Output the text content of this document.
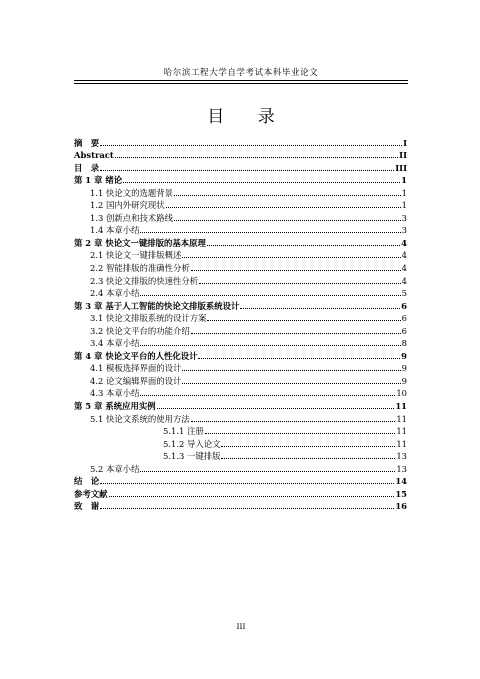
哈尔滨工程大学自学考试本科毕业论文
目 录
摘　要	I
Abstract	II
目　录	III
第 1 章 绪论	1
1.1 快论文的选题背景	1
1.2 国内外研究现状	1
1.3 创新点和技术路线	3
1.4 本章小结	3
第 2 章 快论文一键排版的基本原理	4
2.1 快论文一键排版概述	4
2.2 智能排版的准确性分析	4
2.3 快论文排版的快速性分析	4
2.4 本章小结	5
第 3 章 基于人工智能的快论文排版系统设计	6
3.1 快论文排版系统的设计方案	6
3.2 快论文平台的功能介绍	6
3.4 本章小结	8
第 4 章 快论文平台的人性化设计	9
4.1 模板选择界面的设计	9
4.2 论文编辑界面的设计	9
4.3 本章小结	10
第 5 章 系统应用实例	11
5.1 快论文系统的使用方法	11
5.1.1 注册	11
5.1.2 导入论文	11
5.1.3 一键排版	13
5.2 本章小结	13
结　论	14
参考文献	15
致　谢	16
III
